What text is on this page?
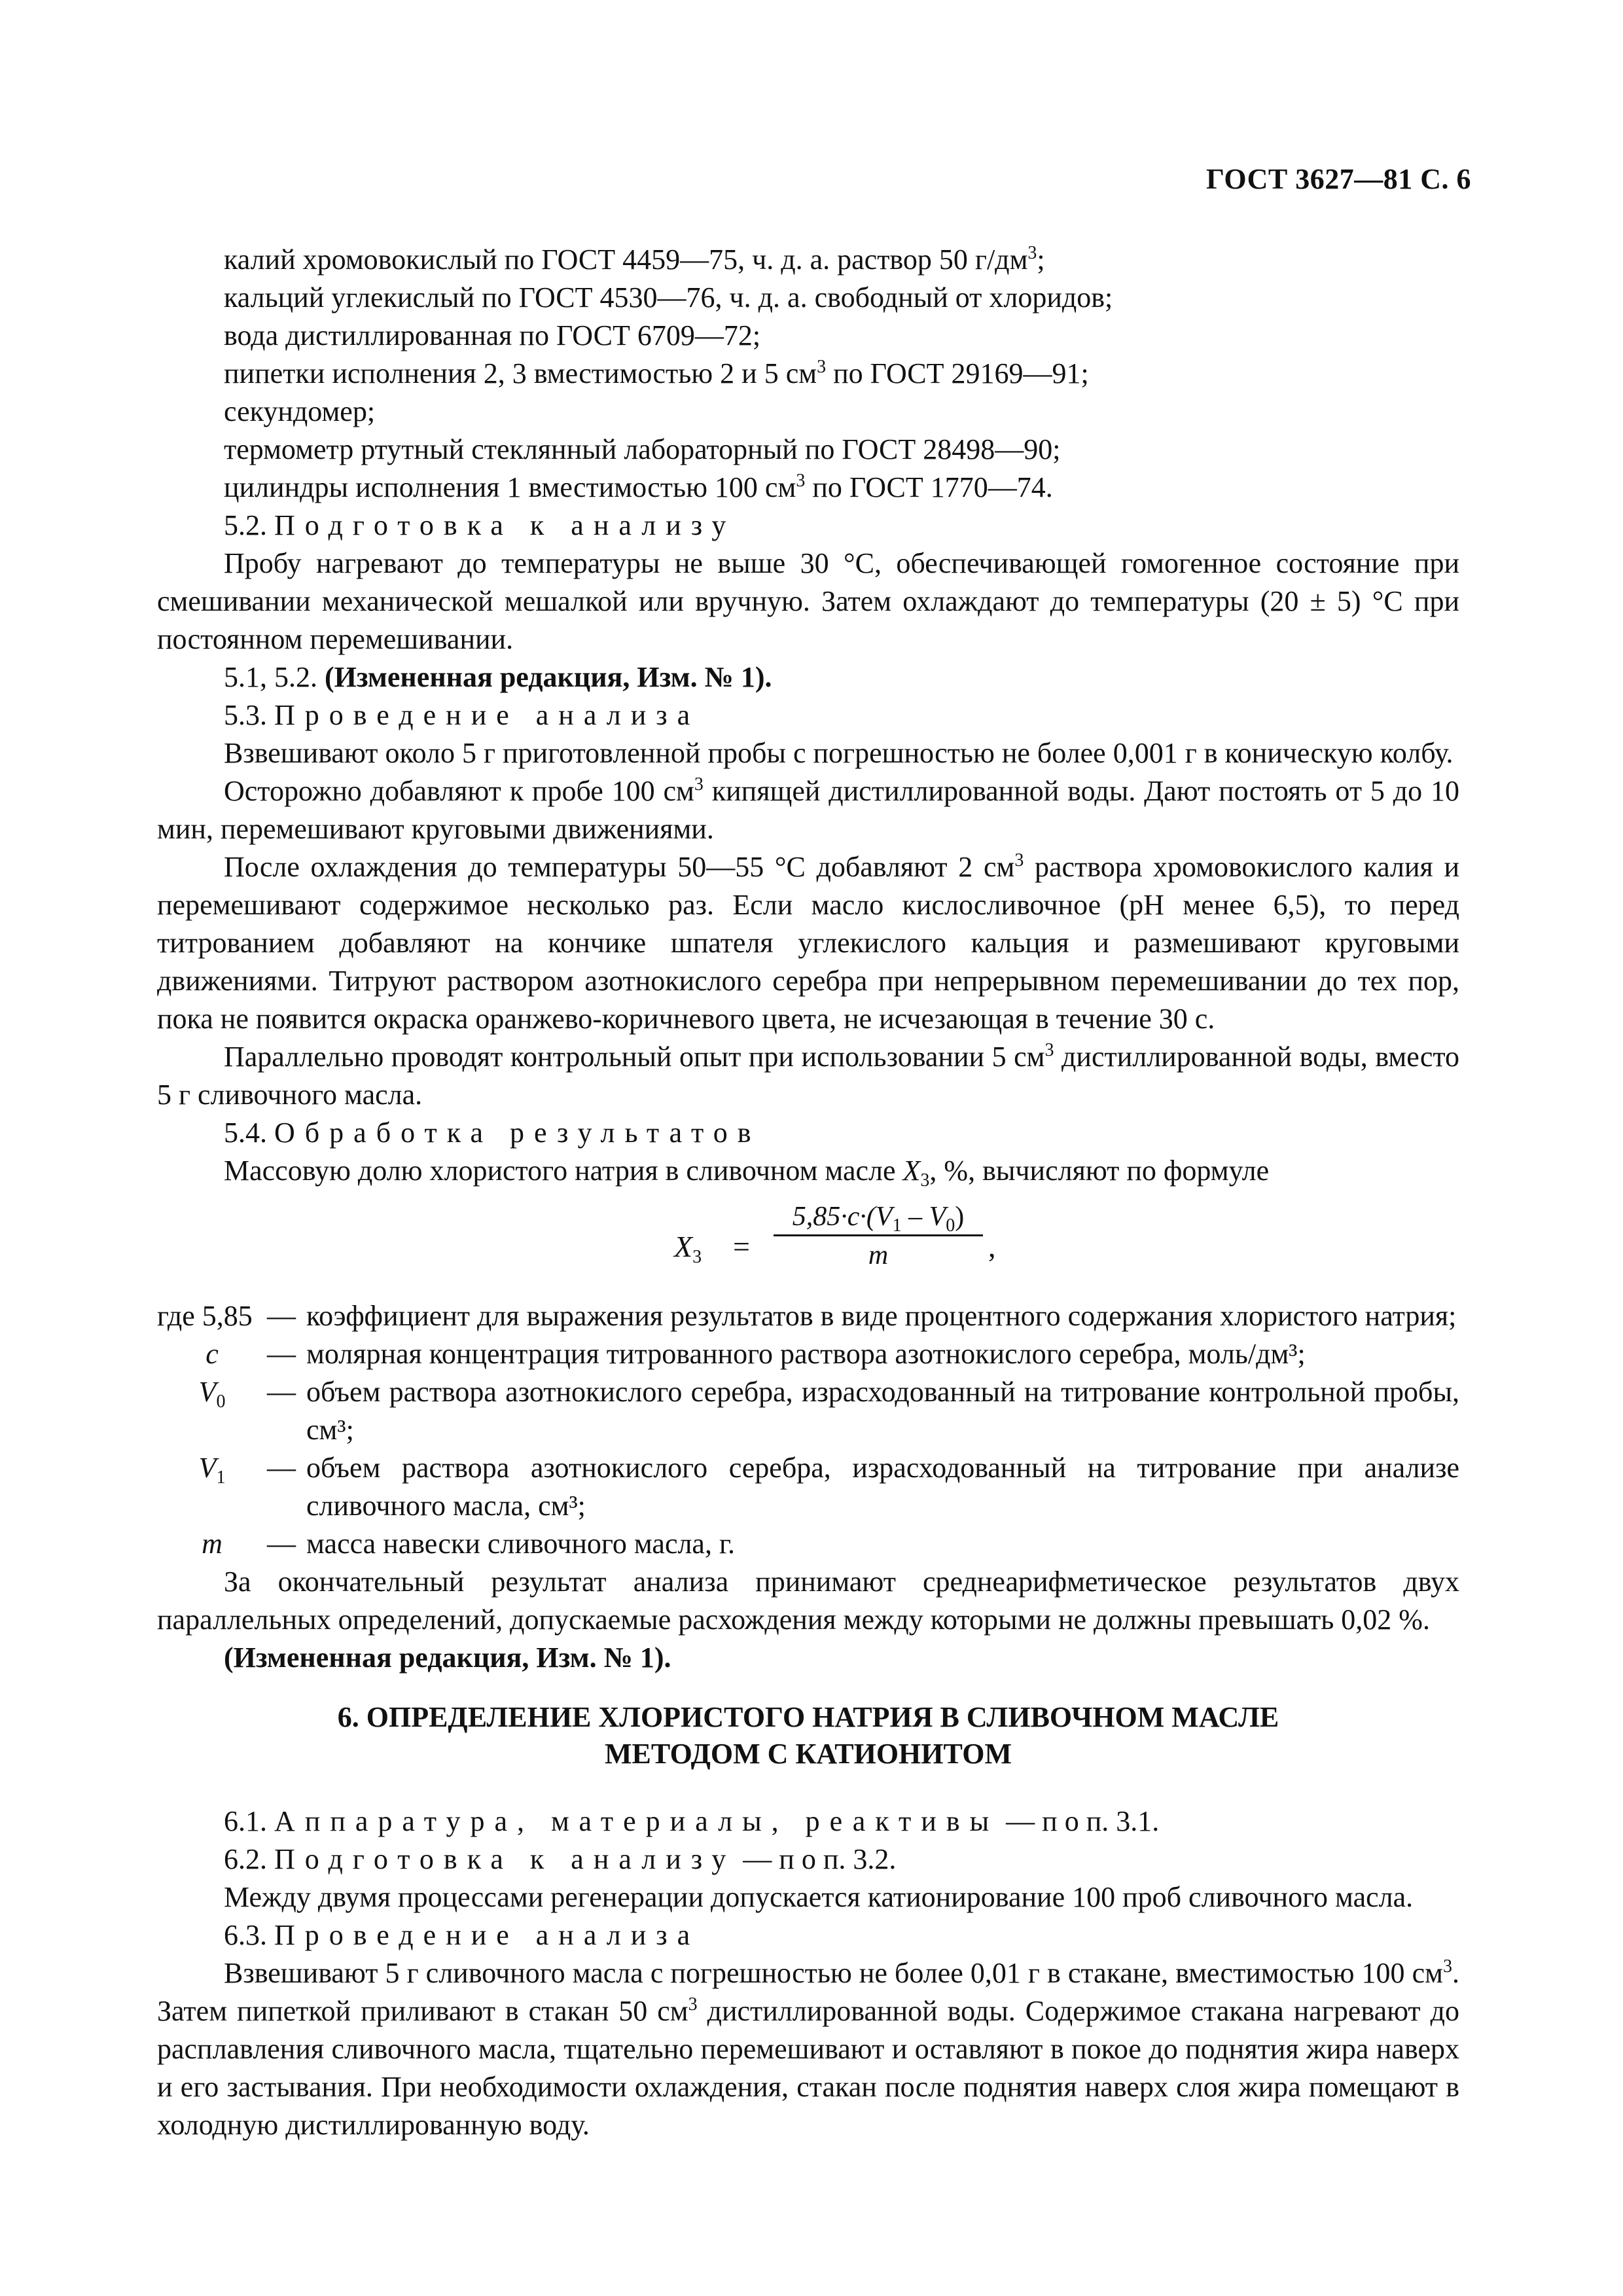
ГОСТ 3627—81 С. 6
калий хромовокислый по ГОСТ 4459—75, ч. д. а. раствор 50 $г/дм^3$;
кальций углекислый по ГОСТ 4530—76, ч. д. а. свободный от хлоридов;
вода дистиллированная по ГОСТ 6709—72;
пипетки исполнения 2, 3 вместимостью 2 и 5 $см^3$ по ГОСТ 29169—91;
секундомер;
термометр ртутный стеклянный лабораторный по ГОСТ 28498—90;
цилиндры исполнения 1 вместимостью 100 $см^3$ по ГОСТ 1770—74.
5.2. Подготовка к анализу

Пробу нагревают до температуры не выше 30 °С, обеспечивающей гомогенное состояние при смешивании механической мешалкой или вручную. Затем охлаждают до температуры (20 ± 5) °С при постоянном перемешивании.

5.1, 5.2. (Измененная редакция, Изм. № 1).
5.3. Проведение анализа

Взвешивают около 5 г приготовленной пробы с погрешностью не более 0,001 г в коническую колбу.

Осторожно добавляют к пробе 100 $см^3$ кипящей дистиллированной воды. Дают постоять от 5 до 10 мин, перемешивают круговыми движениями.

После охлаждения до температуры 50—55 °С добавляют 2 $см^3$ раствора хромовокислого калия и перемешивают содержимое несколько раз. Если масло кислосливочное (pH менее 6,5), то перед титрованием добавляют на кончике шпателя углекислого кальция и размешивают круговыми движениями. Титруют раствором азотнокислого серебра при непрерывном перемешивании до тех пор, пока не появится окраска оранжево-коричневого цвета, не исчезающая в течение 30 с.

Параллельно проводят контрольный опыт при использовании 5 $см^3$ дистиллированной воды, вместо 5 г сливочного масла.

5.4. Обработка результатов
Массовую долю хлористого натрия в сливочном масле $X_3$, %, вычисляют по формуле
$X_3$ =
$5,85\cdot c\cdot(V_1 - V_0)$
m	,
где 5,85 — коэффициент для выражения результатов в виде процентного содержания хлористого натрия;
c	— молярная концентрация титрованного раствора азотнокислого серебра, моль/дм³;
$V_0$	— объем раствора азотнокислого серебра, израсходованный на титрование контрольной пробы, см³;
$V_1$	— объем раствора азотнокислого серебра, израсходованный на титрование при анализе сливочного масла, см³;
m	— масса навески сливочного масла, г.

За окончательный результат анализа принимают среднеарифметическое результатов двух параллельных определений, допускаемые расхождения между которыми не должны превышать 0,02 %.

(Измененная редакция, Изм. № 1).
6. ОПРЕДЕЛЕНИЕ ХЛОРИСТОГО НАТРИЯ В СЛИВОЧНОМ МАСЛЕ
МЕТОДОМ С КАТИОНИТОМ
6.1. Аппаратура, материалы, реактивы — п о п. 3.1.
6.2. Подготовка к анализу — п о п. 3.2.

Между двумя процессами регенерации допускается катионирование 100 проб сливочного масла.

6.3. Проведение анализа

Взвешивают 5 г сливочного масла с погрешностью не более 0,01 г в стакане, вместимостью 100 $см^3$. Затем пипеткой приливают в стакан 50 $см^3$ дистиллированной воды. Содержимое стакана нагревают до расплавления сливочного масла, тщательно перемешивают и оставляют в покое до поднятия жира наверх и его застывания. При необходимости охлаждения, стакан после поднятия наверх слоя жира помещают в холодную дистиллированную воду.
